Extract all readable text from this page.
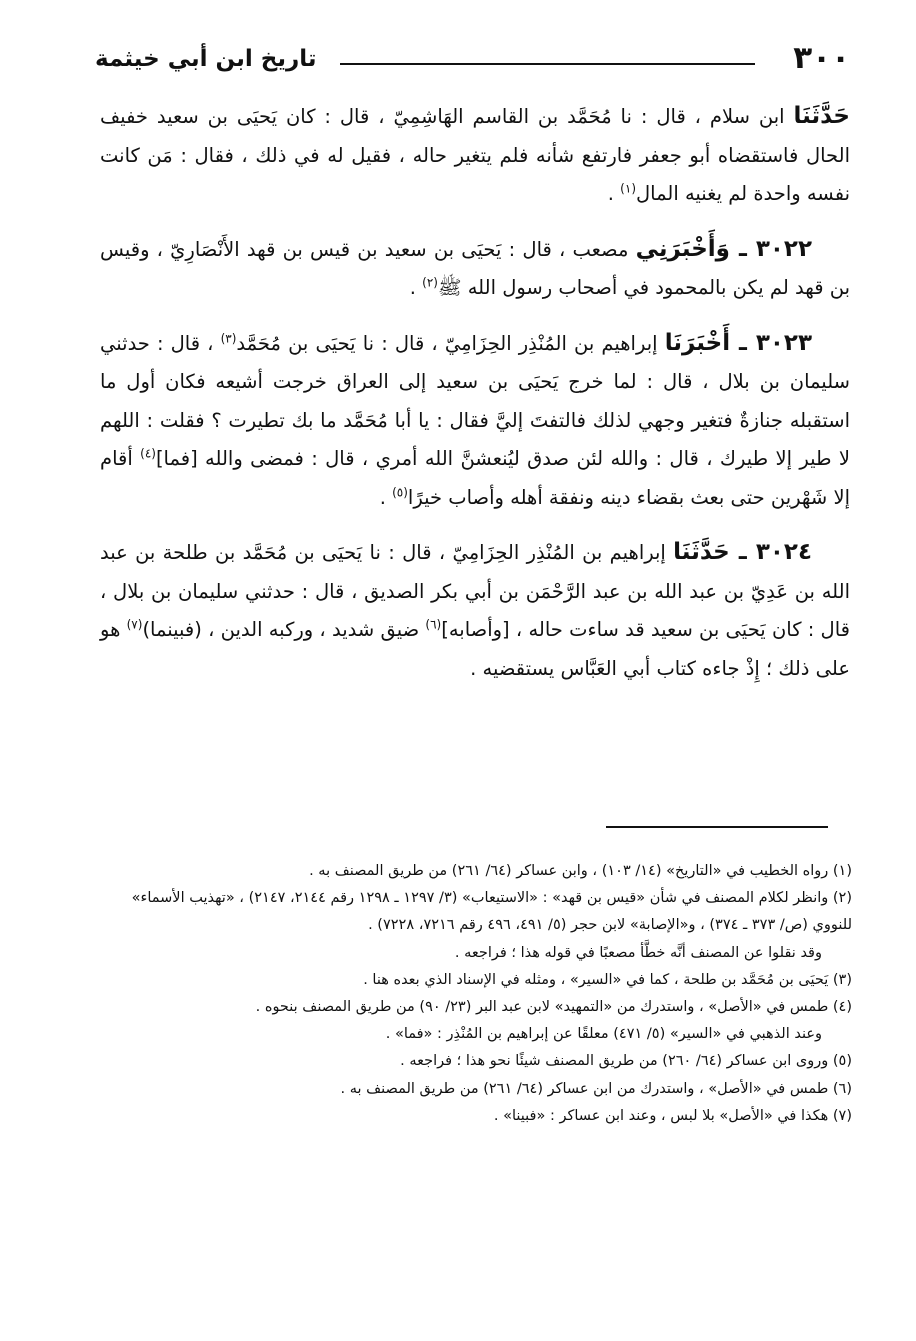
٣٠٠
تاريخ ابن أبي خيثمة

حَدَّثَنَا ابن سلام ، قال : نا مُحَمَّد بن القاسم الهَاشِمِيّ ، قال : كان يَحيَى بن سعيد خفيف الحال فاستقضاه أبو جعفر فارتفع شأنه فلم يتغير حاله ، فقيل له في ذلك ، فقال : مَن كانت نفسه واحدة لم يغنيه المال$^{(١)}$ .

٣٠٢٢ ـ وَأَخْبَرَنِي مصعب ، قال : يَحيَى بن سعيد بن قيس بن قهد الأَنْصَارِيّ ، وقيس بن قهد لم يكن بالمحمود في أصحاب رسول الله ﷺ$^{(٢)}$ .

٣٠٢٣ ـ أَخْبَرَنَا إبراهيم بن المُنْذِر الحِزَامِيّ ، قال : نا يَحيَى بن مُحَمَّد$^{(٣)}$ ، قال : حدثني سليمان بن بلال ، قال : لما خرج يَحيَى بن سعيد إلى العراق خرجت أشيعه فكان أول ما استقبله جنازةٌ فتغير وجهي لذلك فالتفتَ إليَّ فقال : يا أبا مُحَمَّد ما بك تطيرت ؟ فقلت : اللهم لا طير إلا طيرك ، قال : والله لئن صدق ليُنعشنَّ الله أمري ، قال : فمضى والله [فما]$^{(٤)}$ أقام إلا شَهْرين حتى بعث بقضاء دينه ونفقة أهله وأصاب خيرًا$^{(٥)}$ .

٣٠٢٤ ـ حَدَّثَنَا إبراهيم بن المُنْذِر الحِزَامِيّ ، قال : نا يَحيَى بن مُحَمَّد بن طلحة بن عبد الله بن عَدِيّ بن عبد الله بن عبد الرَّحْمَن بن أبي بكر الصديق ، قال : حدثني سليمان بن بلال ، قال : كان يَحيَى بن سعيد قد ساءت حاله ، [وأصابه]$^{(٦)}$ ضيق شديد ، وركبه الدين ، (فبينما)$^{(٧)}$ هو على ذلك ؛ إِذْ جاءه كتاب أبي العَبَّاس يستقضيه .

(١) رواه الخطيب في «التاريخ» (١٤/ ١٠٣) ، وابن عساكر (٦٤/ ٢٦١) من طريق المصنف به .
(٢) وانظر لكلام المصنف في شأن «قيس بن قهد» : «الاستيعاب» (٣/ ١٢٩٧ ـ ١٢٩٨ رقم ٢١٤٤، ٢١٤٧) ، «تهذيب الأسماء» للنووي (ص/ ٣٧٣ ـ ٣٧٤) ، و«الإصابة» لابن حجر (٥/ ٤٩١، ٤٩٦ رقم ٧٢١٦، ٧٢٢٨) .
وقد نقلوا عن المصنف أنَّه خطَّأ مصعبًا في قوله هذا ؛ فراجعه .
(٣) يَحيَى بن مُحَمَّد بن طلحة ، كما في «السير» ، ومثله في الإسناد الذي بعده هنا .
(٤) طمس في «الأصل» ، واستدرك من «التمهيد» لابن عبد البر (٢٣/ ٩٠) من طريق المصنف بنحوه .
وعند الذهبي في «السير» (٥/ ٤٧١) معلقًا عن إبراهيم بن المُنْذِر : «فما» .
(٥) وروى ابن عساكر (٦٤/ ٢٦٠) من طريق المصنف شيئًا نحو هذا ؛ فراجعه .
(٦) طمس في «الأصل» ، واستدرك من ابن عساكر (٦٤/ ٢٦١) من طريق المصنف به .
(٧) هكذا في «الأصل» بلا لبس ، وعند ابن عساكر : «فبينا» .
